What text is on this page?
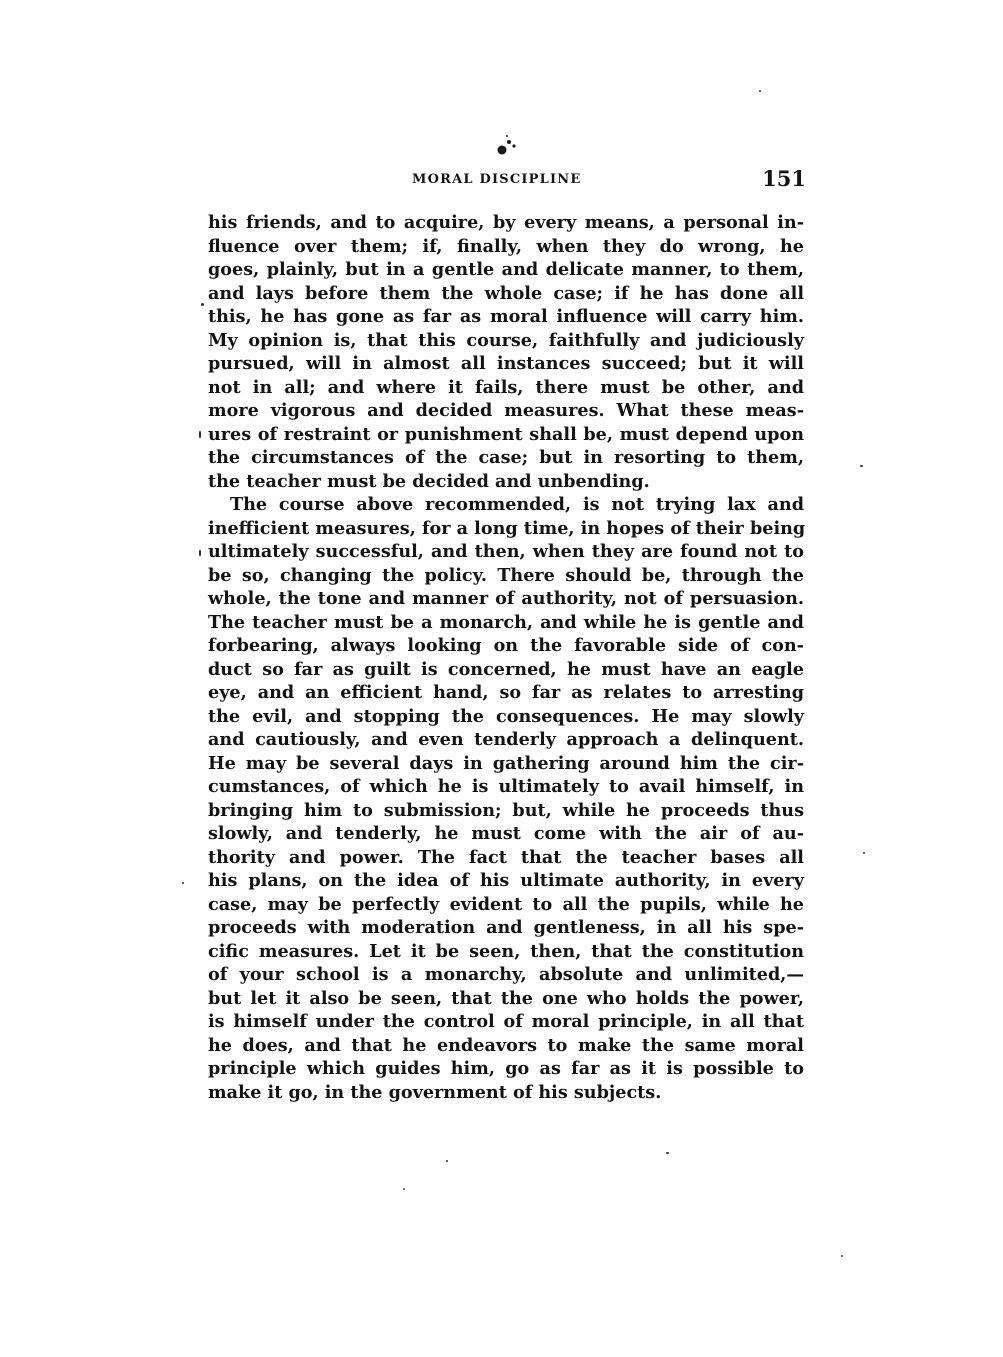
MORAL DISCIPLINE	151
his friends, and to acquire, by every means, a personal in-
fluence over them; if, finally, when they do wrong, he
goes, plainly, but in a gentle and delicate manner, to them,
and lays before them the whole case; if he has done all
this, he has gone as far as moral influence will carry him.
My opinion is, that this course, faithfully and judiciously
pursued, will in almost all instances succeed; but it will
not in all; and where it fails, there must be other, and
more vigorous and decided measures. What these meas-
ures of restraint or punishment shall be, must depend upon
the circumstances of the case; but in resorting to them,
the teacher must be decided and unbending.
The course above recommended, is not trying lax and
inefficient measures, for a long time, in hopes of their being
ultimately successful, and then, when they are found not to
be so, changing the policy. There should be, through the
whole, the tone and manner of authority, not of persuasion.
The teacher must be a monarch, and while he is gentle and
forbearing, always looking on the favorable side of con-
duct so far as guilt is concerned, he must have an eagle
eye, and an efficient hand, so far as relates to arresting
the evil, and stopping the consequences. He may slowly
and cautiously, and even tenderly approach a delinquent.
He may be several days in gathering around him the cir-
cumstances, of which he is ultimately to avail himself, in
bringing him to submission; but, while he proceeds thus
slowly, and tenderly, he must come with the air of au-
thority and power. The fact that the teacher bases all
his plans, on the idea of his ultimate authority, in every
case, may be perfectly evident to all the pupils, while he
proceeds with moderation and gentleness, in all his spe-
cific measures. Let it be seen, then, that the constitution
of your school is a monarchy, absolute and unlimited,—
but let it also be seen, that the one who holds the power,
is himself under the control of moral principle, in all that
he does, and that he endeavors to make the same moral
principle which guides him, go as far as it is possible to
make it go, in the government of his subjects.
